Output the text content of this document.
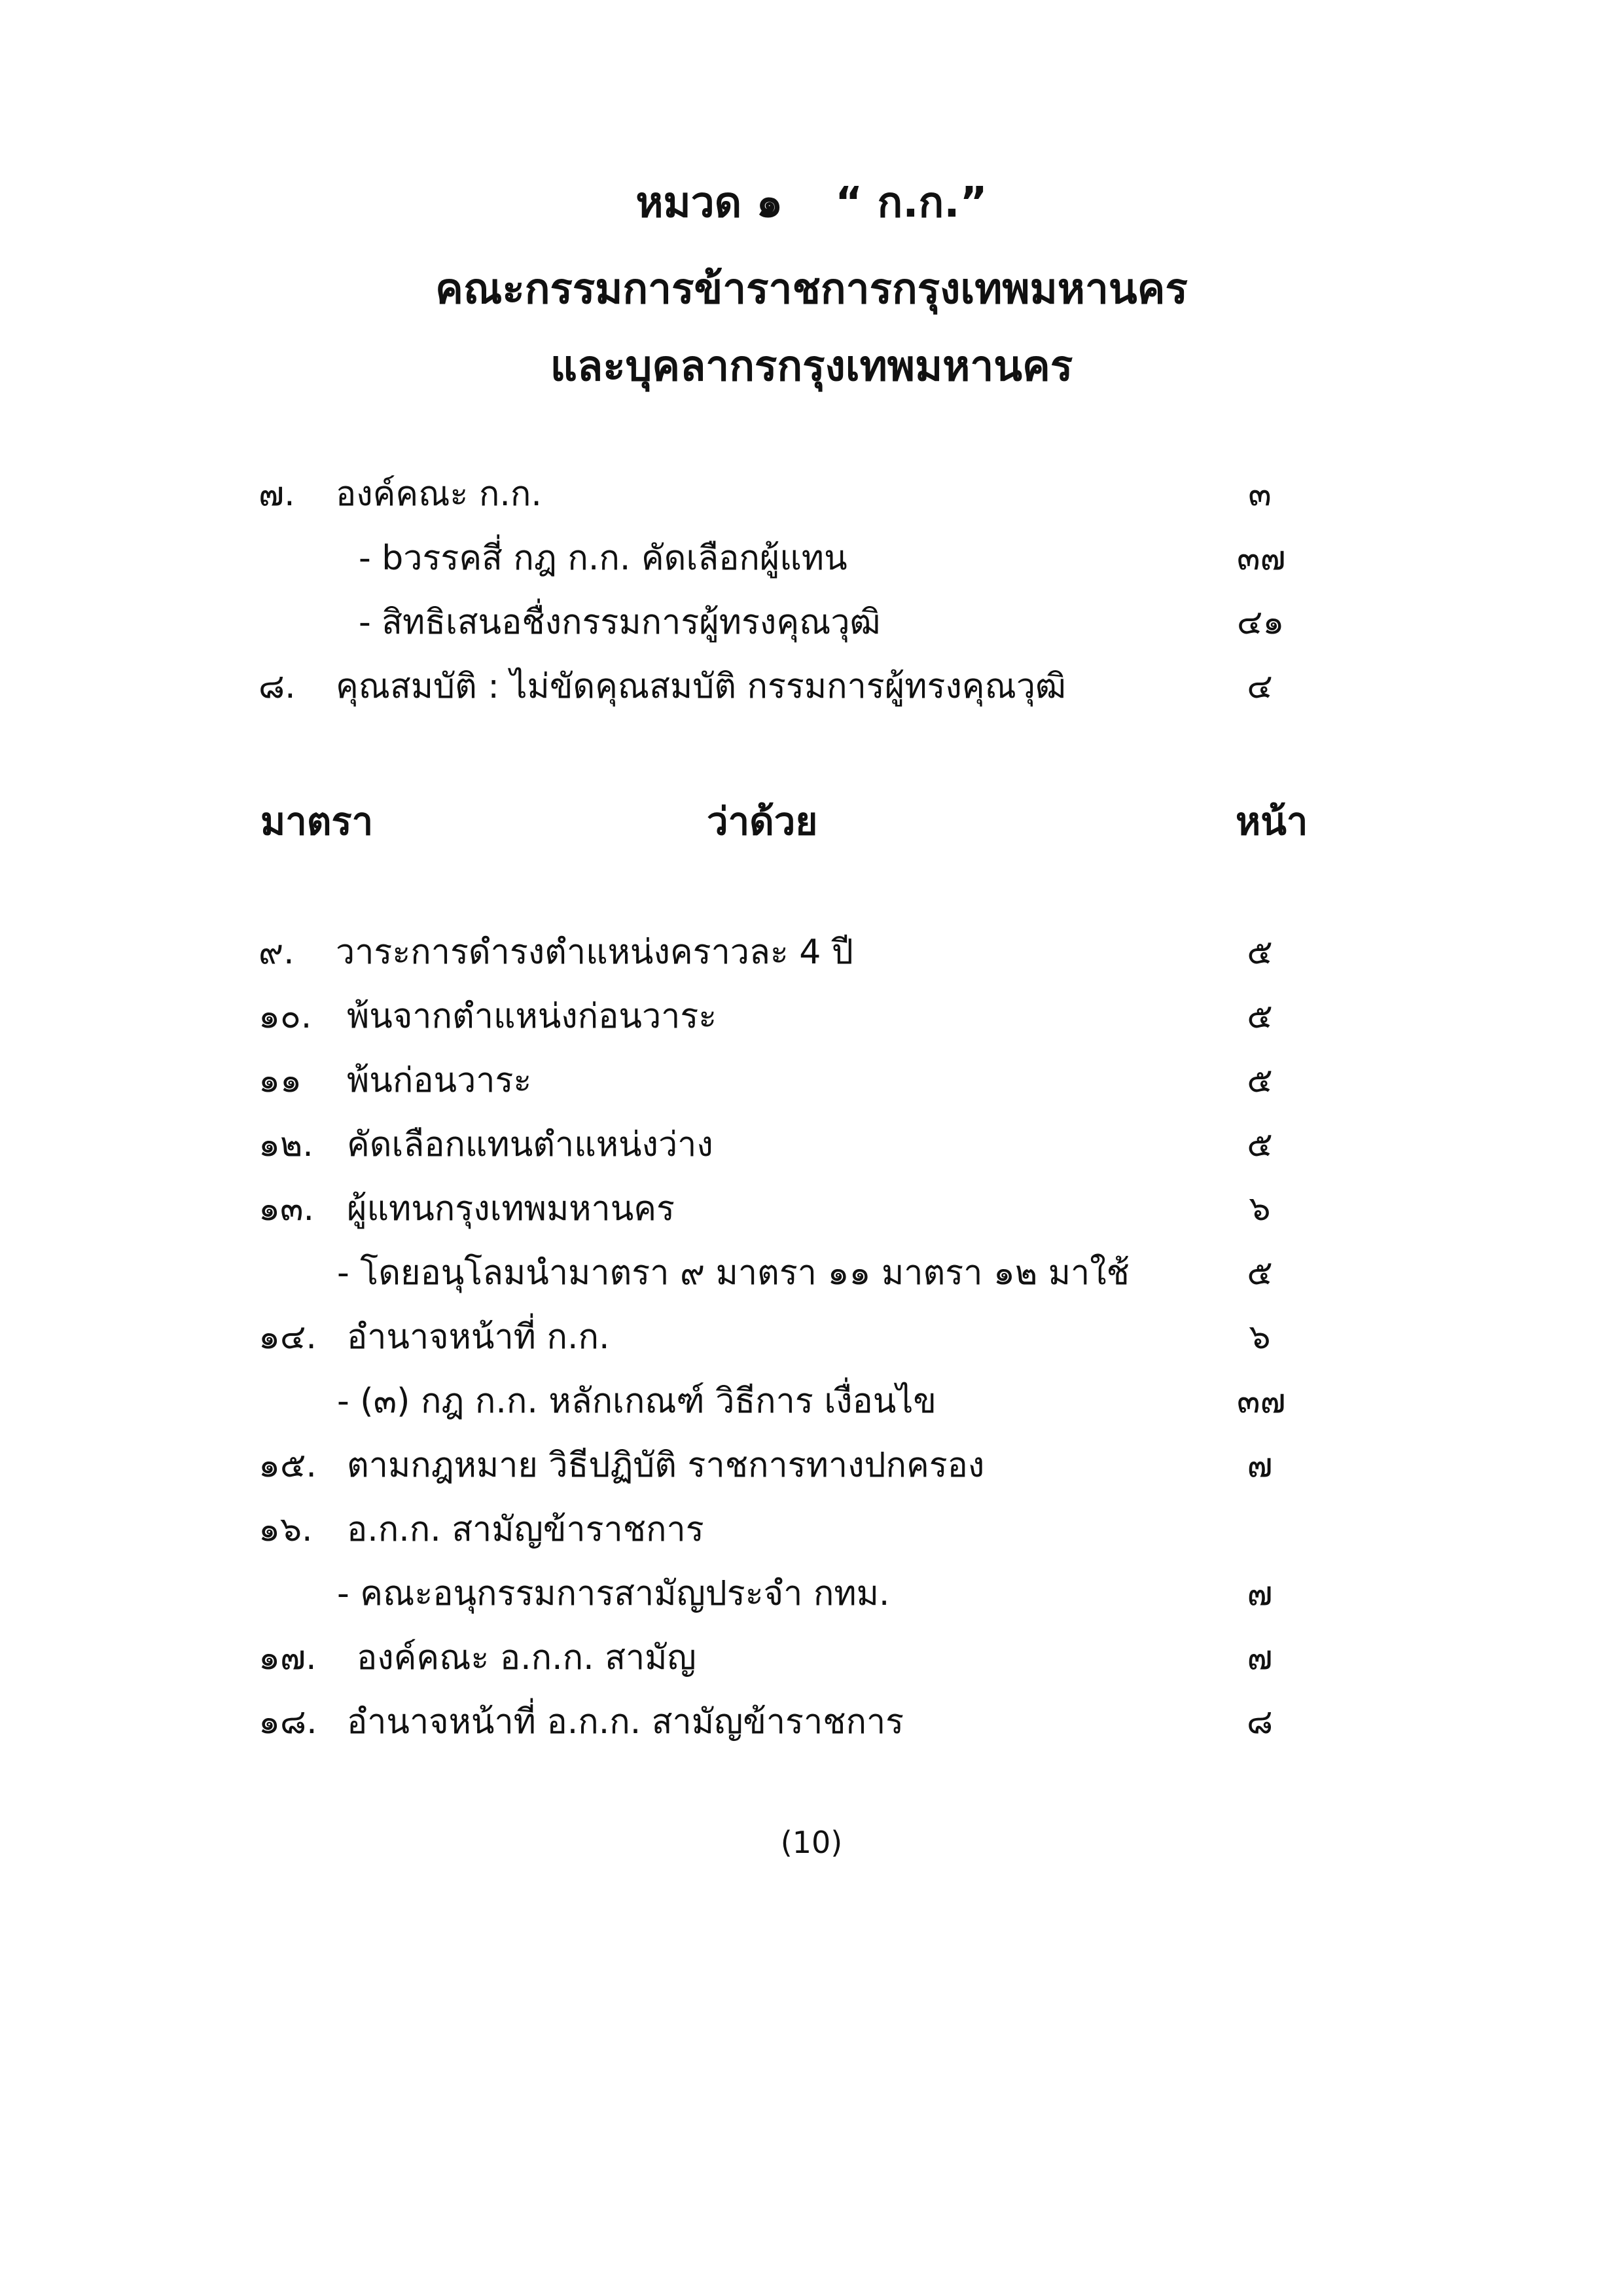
หมวด ๑ “ ก.ก.”
คณะกรรมการข้าราชการกรุงเทพมหานคร
และบุคลากรกรุงเทพมหานคร
๗. องค์คณะ ก.ก.	๓
- bวรรคสี่ กฎ ก.ก. คัดเลือกผู้แทน	๓๗
- สิทธิเสนอชื่งกรรมการผู้ทรงคุณวุฒิ	๔๑
๘. คุณสมบัติ : ไม่ขัดคุณสมบัติ กรรมการผู้ทรงคุณวุฒิ	๔
มาตรา	ว่าด้วย	หน้า
๙. วาระการดำรงตำแหน่งคราวละ 4 ปี	๕
๑๐. พ้นจากตำแหน่งก่อนวาระ	๕
๑๑ พ้นก่อนวาระ	๕
๑๒. คัดเลือกแทนตำแหน่งว่าง	๕
๑๓. ผู้แทนกรุงเทพมหานคร	๖
- โดยอนุโลมนำมาตรา ๙ มาตรา ๑๑ มาตรา ๑๒ มาใช้	๕
๑๔. อำนาจหน้าที่ ก.ก.	๖
- (๓) กฎ ก.ก. หลักเกณฑ์ วิธีการ เงื่อนไข	๓๗
๑๕. ตามกฎหมาย วิธีปฏิบัติ ราชการทางปกครอง	๗
๑๖. อ.ก.ก. สามัญข้าราชการ
- คณะอนุกรรมการสามัญประจำ กทม.	๗
๑๗. องค์คณะ อ.ก.ก. สามัญ	๗
๑๘. อำนาจหน้าที่ อ.ก.ก. สามัญข้าราชการ	๘
(10)
